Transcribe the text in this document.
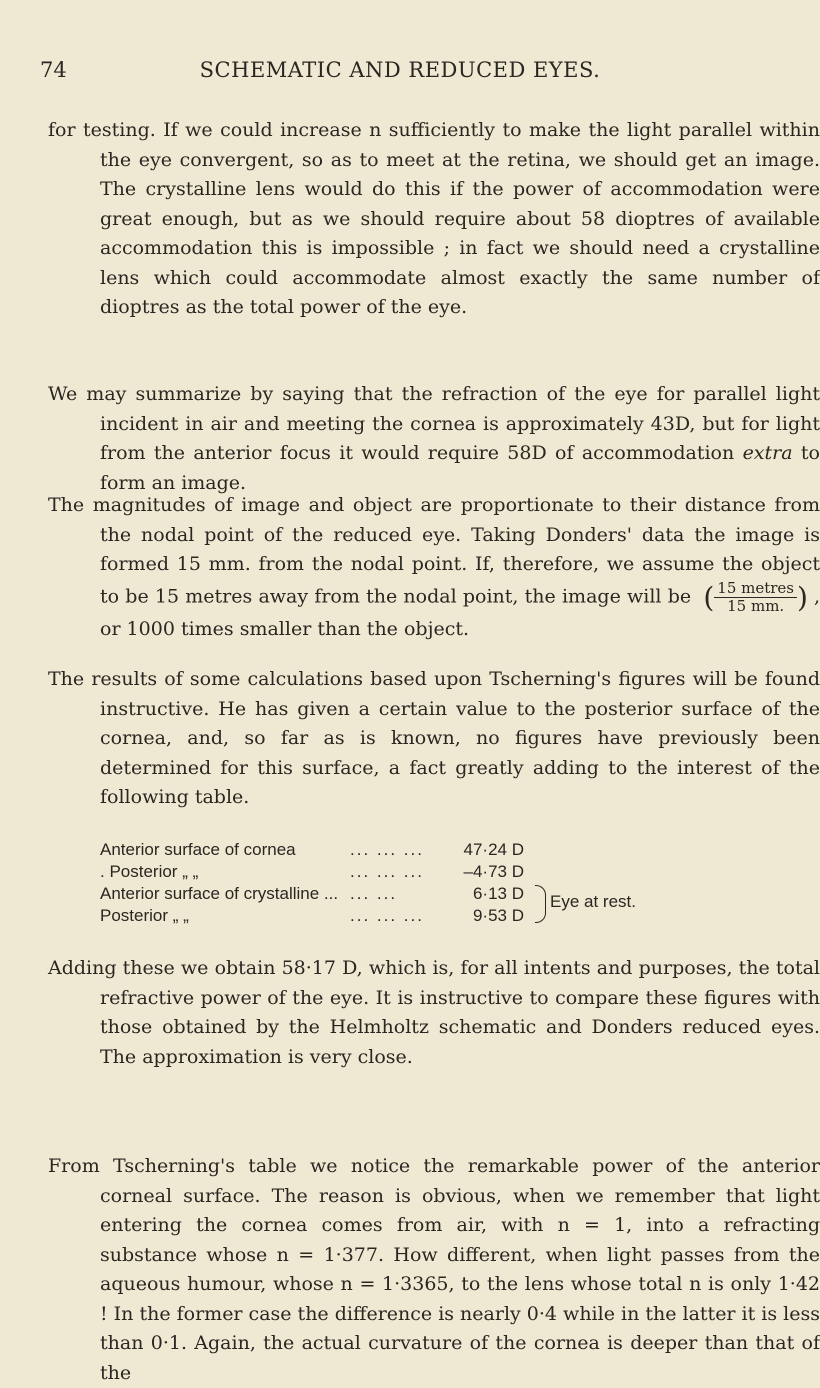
74	SCHEMATIC AND REDUCED EYES.

for testing. If we could increase n sufficiently to make the light parallel within the eye convergent, so as to meet at the retina, we should get an image. The crystalline lens would do this if the power of accommodation were great enough, but as we should require about 58 dioptres of available accommodation this is impossible ; in fact we should need a crystalline lens which could accommodate almost exactly the same number of dioptres as the total power of the eye.

We may summarize by saying that the refraction of the eye for parallel light incident in air and meeting the cornea is approximately 43D, but for light from the anterior focus it would require 58D of accommodation extra to form an image.

The magnitudes of image and object are proportionate to their distance from the nodal point of the reduced eye. Taking Donders' data the image is formed 15 mm. from the nodal point. If, therefore, we assume the object to be 15 metres away from the nodal point, the image will be ( $\frac{\text{15 metres}}{15 mm.}$ ) , or 1000 times smaller than the object.

The results of some calculations based upon Tscherning's figures will be found instructive. He has given a certain value to the posterior surface of the cornea, and, so far as is known, no figures have previously been determined for this surface, a fact greatly adding to the interest of the following table.

Anterior surface of cornea	... ... ...	47·24 D
. Posterior „ „	... ... ...	–4·73 D
Anterior surface of crystalline ... ... ...	6·13 D
Posterior „ „	... ... ...	9·53 D
Eye at rest.

Adding these we obtain 58·17 D, which is, for all intents and purposes, the total refractive power of the eye. It is instructive to compare these figures with those obtained by the Helmholtz schematic and Donders reduced eyes. The approximation is very close.

From Tscherning's table we notice the remarkable power of the anterior corneal surface. The reason is obvious, when we remember that light entering the cornea comes from air, with n = 1, into a refracting substance whose n = 1·377. How different, when light passes from the aqueous humour, whose n = 1·3365, to the lens whose total n is only 1·42 ! In the former case the difference is nearly 0·4 while in the latter it is less than 0·1. Again, the actual curvature of the cornea is deeper than that of the
